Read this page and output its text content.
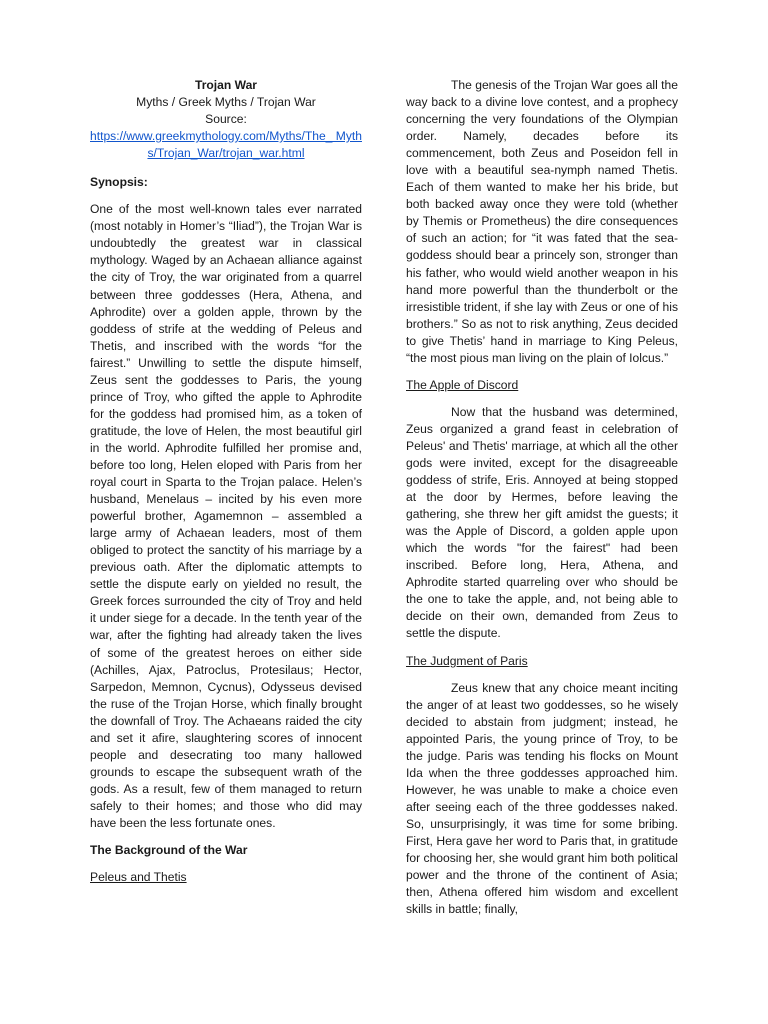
Trojan War
Myths / Greek Myths / Trojan War
Source:
https://www.greekmythology.com/Myths/The_ Myths/Trojan_War/trojan_war.html
Synopsis:

One of the most well-known tales ever narrated (most notably in Homer’s “Iliad”), the Trojan War is undoubtedly the greatest war in classical mythology. Waged by an Achaean alliance against the city of Troy, the war originated from a quarrel between three goddesses (Hera, Athena, and Aphrodite) over a golden apple, thrown by the goddess of strife at the wedding of Peleus and Thetis, and inscribed with the words “for the fairest.” Unwilling to settle the dispute himself, Zeus sent the goddesses to Paris, the young prince of Troy, who gifted the apple to Aphrodite for the goddess had promised him, as a token of gratitude, the love of Helen, the most beautiful girl in the world. Aphrodite fulfilled her promise and, before too long, Helen eloped with Paris from her royal court in Sparta to the Trojan palace. Helen’s husband, Menelaus – incited by his even more powerful brother, Agamemnon – assembled a large army of Achaean leaders, most of them obliged to protect the sanctity of his marriage by a previous oath. After the diplomatic attempts to settle the dispute early on yielded no result, the Greek forces surrounded the city of Troy and held it under siege for a decade. In the tenth year of the war, after the fighting had already taken the lives of some of the greatest heroes on either side (Achilles, Ajax, Patroclus, Protesilaus; Hector, Sarpedon, Memnon, Cycnus), Odysseus devised the ruse of the Trojan Horse, which finally brought the downfall of Troy. The Achaeans raided the city and set it afire, slaughtering scores of innocent people and desecrating too many hallowed grounds to escape the subsequent wrath of the gods. As a result, few of them managed to return safely to their homes; and those who did may have been the less fortunate ones.

The Background of the War
Peleus and Thetis

The genesis of the Trojan War goes all the way back to a divine love contest, and a prophecy concerning the very foundations of the Olympian order. Namely, decades before its commencement, both Zeus and Poseidon fell in love with a beautiful sea-nymph named Thetis. Each of them wanted to make her his bride, but both backed away once they were told (whether by Themis or Prometheus) the dire consequences of such an action; for “it was fated that the sea-goddess should bear a princely son, stronger than his father, who would wield another weapon in his hand more powerful than the thunderbolt or the irresistible trident, if she lay with Zeus or one of his brothers.” So as not to risk anything, Zeus decided to give Thetis’ hand in marriage to King Peleus, “the most pious man living on the plain of Iolcus.”

The Apple of Discord

Now that the husband was determined, Zeus organized a grand feast in celebration of Peleus' and Thetis' marriage, at which all the other gods were invited, except for the disagreeable goddess of strife, Eris. Annoyed at being stopped at the door by Hermes, before leaving the gathering, she threw her gift amidst the guests; it was the Apple of Discord, a golden apple upon which the words "for the fairest" had been inscribed. Before long, Hera, Athena, and Aphrodite started quarreling over who should be the one to take the apple, and, not being able to decide on their own, demanded from Zeus to settle the dispute.

The Judgment of Paris

Zeus knew that any choice meant inciting the anger of at least two goddesses, so he wisely decided to abstain from judgment; instead, he appointed Paris, the young prince of Troy, to be the judge. Paris was tending his flocks on Mount Ida when the three goddesses approached him. However, he was unable to make a choice even after seeing each of the three goddesses naked. So, unsurprisingly, it was time for some bribing. First, Hera gave her word to Paris that, in gratitude for choosing her, she would grant him both political power and the throne of the continent of Asia; then, Athena offered him wisdom and excellent skills in battle; finally,
